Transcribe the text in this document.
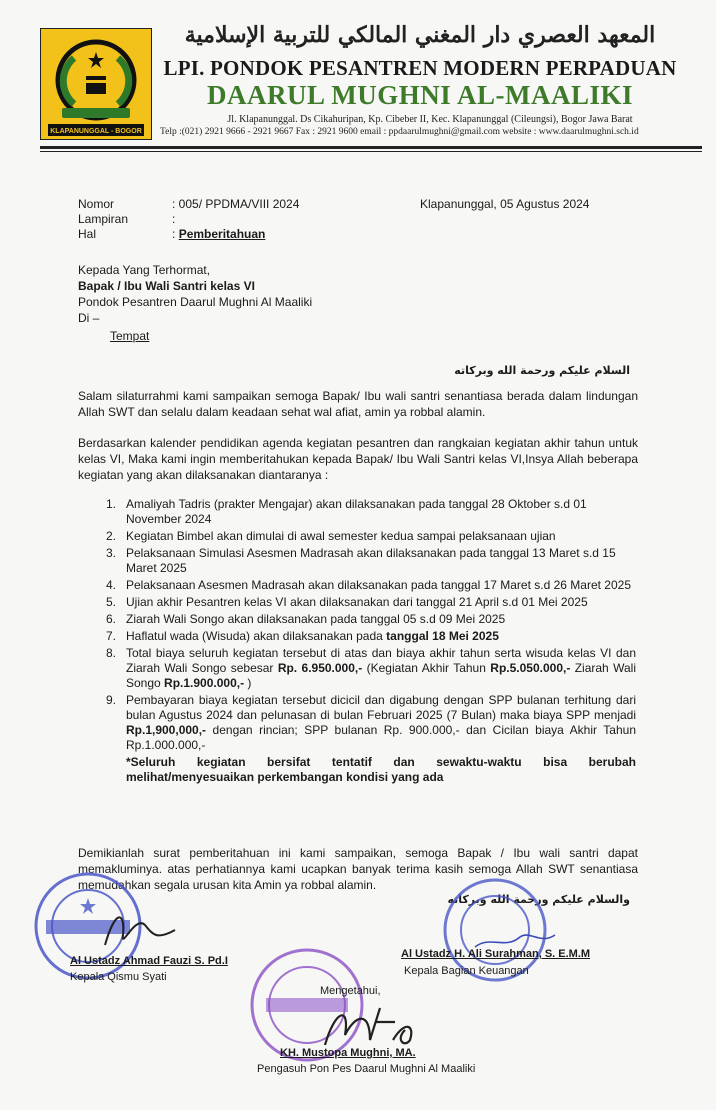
KLAPANUNGGAL - BOGOR
المعهد العصري دار المغني المالكي للتربية الإسلامية
LPI. PONDOK PESANTREN MODERN PERPADUAN
DAARUL MUGHNI AL-MAALIKI
Jl. Klapanunggal. Ds Cikahuripan, Kp. Cibeber II, Kec. Klapanunggal (Cileungsi), Bogor Jawa Barat
Telp :(021) 2921 9666 - 2921 9667 Fax : 2921 9600 email : ppdaarulmughni@gmail.com website : www.daarulmughni.sch.id
Nomor	: 005/ PPDMA/VIII 2024	Klapanunggal, 05 Agustus 2024
Lampiran	:
Hal	: Pemberitahuan
Kepada Yang Terhormat,
Bapak / Ibu Wali Santri kelas VI
Pondok Pesantren Daarul Mughni Al Maaliki
Di –
Tempat
السلام عليكم ورحمة الله وبركاته
Salam silaturrahmi kami sampaikan semoga Bapak/ Ibu wali santri senantiasa berada dalam lindungan Allah SWT dan selalu dalam keadaan sehat wal afiat, amin ya robbal alamin.
Berdasarkan kalender pendidikan agenda kegiatan pesantren dan rangkaian kegiatan akhir tahun untuk kelas VI, Maka kami ingin memberitahukan kepada Bapak/ Ibu Wali Santri kelas VI,Insya Allah beberapa kegiatan yang akan dilaksanakan diantaranya :
1. Amaliyah Tadris (prakter Mengajar) akan dilaksanakan pada tanggal 28 Oktober s.d 01 November 2024
2. Kegiatan Bimbel akan dimulai di awal semester kedua sampai pelaksanaan ujian
3. Pelaksanaan Simulasi Asesmen Madrasah akan dilaksanakan pada tanggal 13 Maret s.d 15 Maret 2025
4. Pelaksanaan Asesmen Madrasah akan dilaksanakan pada tanggal 17 Maret s.d 26 Maret 2025
5. Ujian akhir Pesantren kelas VI akan dilaksanakan dari tanggal 21 April s.d 01 Mei 2025
6. Ziarah Wali Songo akan dilaksanakan pada tanggal 05 s.d 09 Mei 2025
7. Haflatul wada (Wisuda) akan dilaksanakan pada tanggal 18 Mei 2025
8. Total biaya seluruh kegiatan tersebut di atas dan biaya akhir tahun serta wisuda kelas VI dan Ziarah Wali Songo sebesar Rp. 6.950.000,- (Kegiatan Akhir Tahun Rp.5.050.000,- Ziarah Wali Songo Rp.1.900.000,- )
9. Pembayaran biaya kegiatan tersebut dicicil dan digabung dengan SPP bulanan terhitung dari bulan Agustus 2024 dan pelunasan di bulan Februari 2025 (7 Bulan) maka biaya SPP menjadi Rp.1,900,000,- dengan rincian; SPP bulanan Rp. 900.000,- dan Cicilan biaya Akhir Tahun Rp.1.000.000,-
*Seluruh kegiatan bersifat tentatif dan sewaktu-waktu bisa berubah melihat/menyesuaikan perkembangan kondisi yang ada
Demikianlah surat pemberitahuan ini kami sampaikan, semoga Bapak / Ibu wali santri dapat memakluminya. atas perhatiannya kami ucapkan banyak terima kasih semoga Allah SWT senantiasa memudahkan segala urusan kita Amin ya robbal alamin.
والسلام عليكم ورحمة الله وبركاته
Al Ustadz Ahmad Fauzi S. Pd.I
Kepala Qismu Syati
Al Ustadz H. Ali Surahman, S. E.M.M
Kepala Bagian Keuangan
Mengetahui,
KH. Mustopa Mughni, MA.
Pengasuh Pon Pes Daarul Mughni Al Maaliki
